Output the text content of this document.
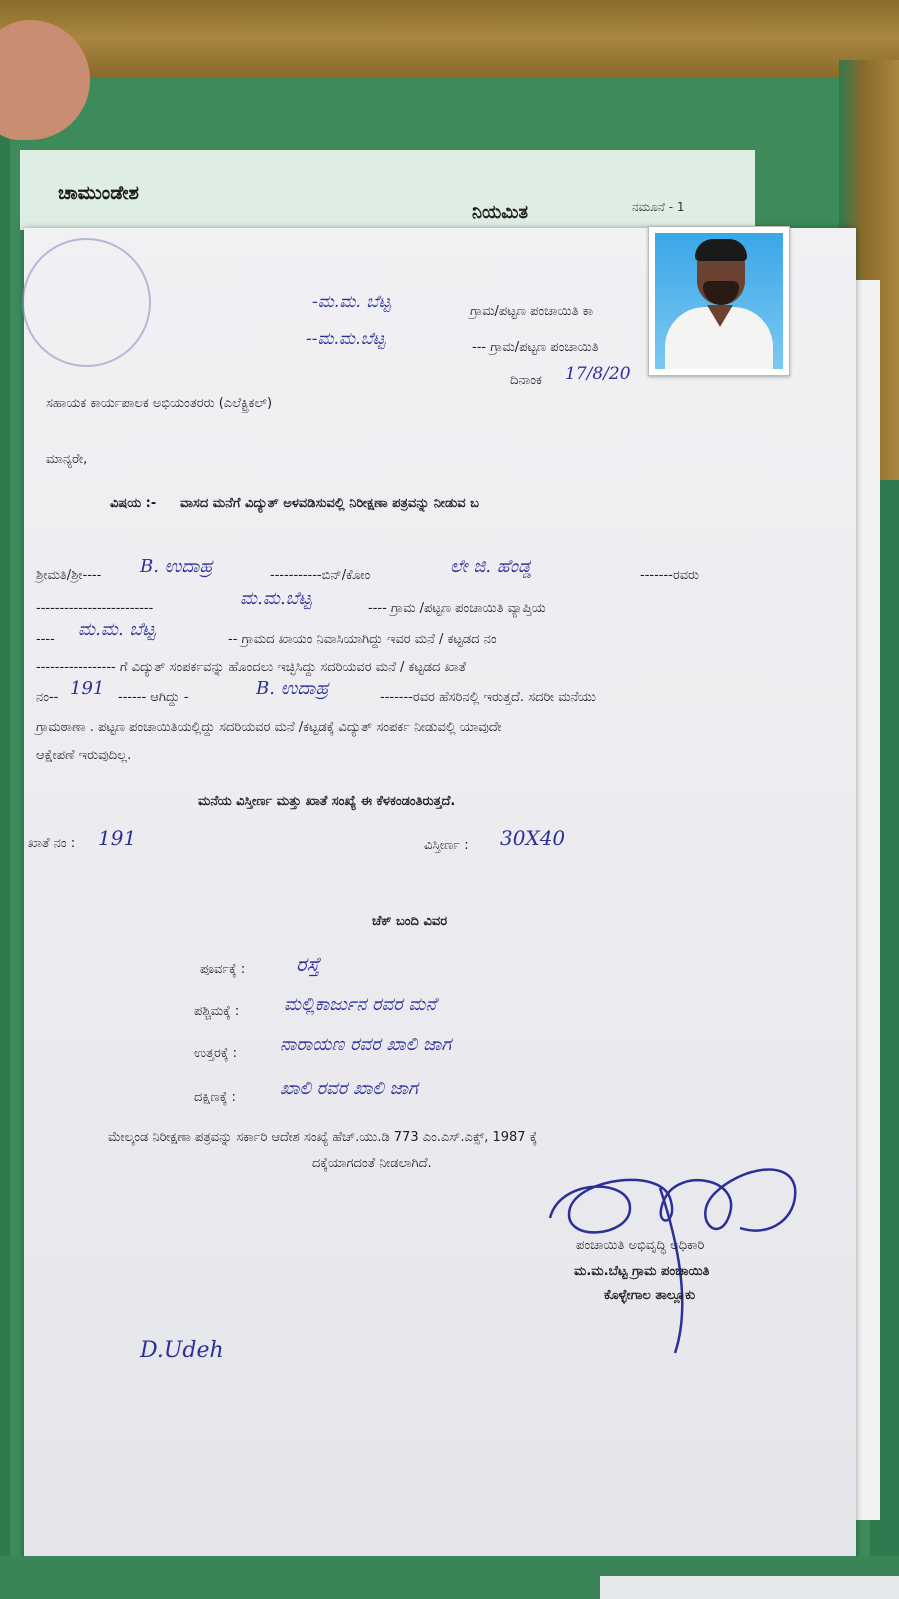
ಚಾಮುಂಡೇಶ
ನಿಯಮಿತ	ನಮೂನೆ - 1
-ಮ.ಮ. ಬೆಟ್ಟ	ಗ್ರಾಮ/ಪಟ್ಟಣ ಪಂಚಾಯಿತಿ ಕಾ
--ಮ.ಮ.ಬೆಟ್ಟ	--- ಗ್ರಾಮ/ಪಟ್ಟಣ ಪಂಚಾಯಿತಿ
ದಿನಾಂಕ 17/8/20
ಸಹಾಯಕ ಕಾರ್ಯಪಾಲಕ ಅಭಿಯಂತರರು (ಎಲೆಕ್ಟ್ರಿಕಲ್)
ಮಾನ್ಯರೇ,
ವಿಷಯ :- ವಾಸದ ಮನೆಗೆ ವಿದ್ಯುತ್ ಅಳವಡಿಸುವಲ್ಲಿ ನಿರೀಕ್ಷಣಾ ಪತ್ರವನ್ನು ನೀಡುವ ಬ
ಶ್ರೀಮತಿ/ಶ್ರೀ---- B. ಉದಾಹ್ರ	-----------ಬಿನ್/ಕೋಂ	ಲೇ ಜಿ. ಹೆಂಡ್ಡ	-------ರವರು
-------------------------	ಮ.ಮ.ಬೆಟ್ಟ	---- ಗ್ರಾಮ /ಪಟ್ಟಣ ಪಂಚಾಯಿತಿ ವ್ಯಾಪ್ತಿಯ
---- ಮ.ಮ. ಬೆಟ್ಟ	-- ಗ್ರಾಮದ ಖಾಯಂ ನಿವಾಸಿಯಾಗಿದ್ದು ಇವರ ಮನೆ / ಕಟ್ಟಡದ ನಂ
----------------- ಗೆ ವಿದ್ಯುತ್ ಸಂಪರ್ಕವನ್ನು ಹೊಂದಲು ಇಚ್ಛಿಸಿದ್ದು ಸದರಿಯವರ ಮನೆ / ಕಟ್ಟಡದ ಖಾತೆ
ನಂ-- 191 ------ ಆಗಿದ್ದು -	B. ಉದಾಹ್ರ	-------ರವರ ಹೆಸರಿನಲ್ಲಿ ಇರುತ್ತದೆ. ಸದರೀ ಮನೆಯು
ಗ್ರಾಮಠಾಣಾ . ಪಟ್ಟಣ ಪಂಚಾಯಿತಿಯಲ್ಲಿದ್ದು ಸದರಿಯವರ ಮನೆ /ಕಟ್ಟಡಕ್ಕೆ ವಿದ್ಯುತ್ ಸಂಪರ್ಕ ನೀಡುವಲ್ಲಿ ಯಾವುದೇ
ಆಕ್ಷೇಪಣೆ ಇರುವುದಿಲ್ಲ.
ಮನೆಯ ವಿಸ್ತೀರ್ಣ ಮತ್ತು ಖಾತೆ ಸಂಖ್ಯೆ ಈ ಕೆಳಕಂಡಂತಿರುತ್ತದೆ.
ಖಾತೆ ನಂ : 191	ವಿಸ್ತೀರ್ಣ : 30X40
ಚೆಕ್ ಬಂದಿ ವಿವರ
ಪೂರ್ವಕ್ಕೆ :	ರಸ್ತೆ
ಪಶ್ಚಿಮಕ್ಕೆ : ಮಲ್ಲಿಕಾರ್ಜುನ ರವರ ಮನೆ
ಉತ್ತರಕ್ಕೆ : ನಾರಾಯಣ ರವರ ಖಾಲಿ ಜಾಗ
ದಕ್ಷಿಣಕ್ಕೆ : ಖಾಲಿ ರವರ ಖಾಲಿ ಜಾಗ
ಮೇಲ್ಕಂಡ ನಿರೀಕ್ಷಣಾ ಪತ್ರವನ್ನು ಸರ್ಕಾರಿ ಆದೇಶ ಸಂಖ್ಯೆ ಹೆಚ್.ಯು.ಡಿ 773 ಎಂ.ಎಸ್.ಎಕ್ಸ್, 1987 ಕ್ಕೆ
ದಕ್ಕೆಯಾಗದಂತೆ ನೀಡಲಾಗಿದೆ.
ಪಂಚಾಯಿತಿ ಅಭಿವೃದ್ಧಿ ಅಧಿಕಾರಿ
ಮ.ಮ.ಬೆಟ್ಟ ಗ್ರಾಮ ಪಂಚಾಯಿತಿ
ಕೊಳ್ಳೇಗಾಲ ತಾಲ್ಲೂಕು
D.Udeh
